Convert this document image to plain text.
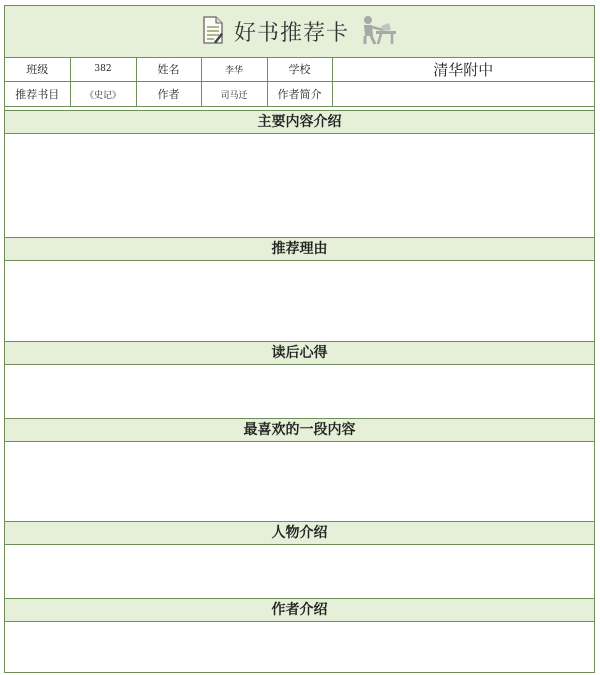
好书推荐卡
班级	382	姓名	李华	学校	清华附中
推荐书目	《史记》	作者	司马迁	作者简介	
主要内容介绍
推荐理由
读后心得
最喜欢的一段内容
人物介绍
作者介绍
